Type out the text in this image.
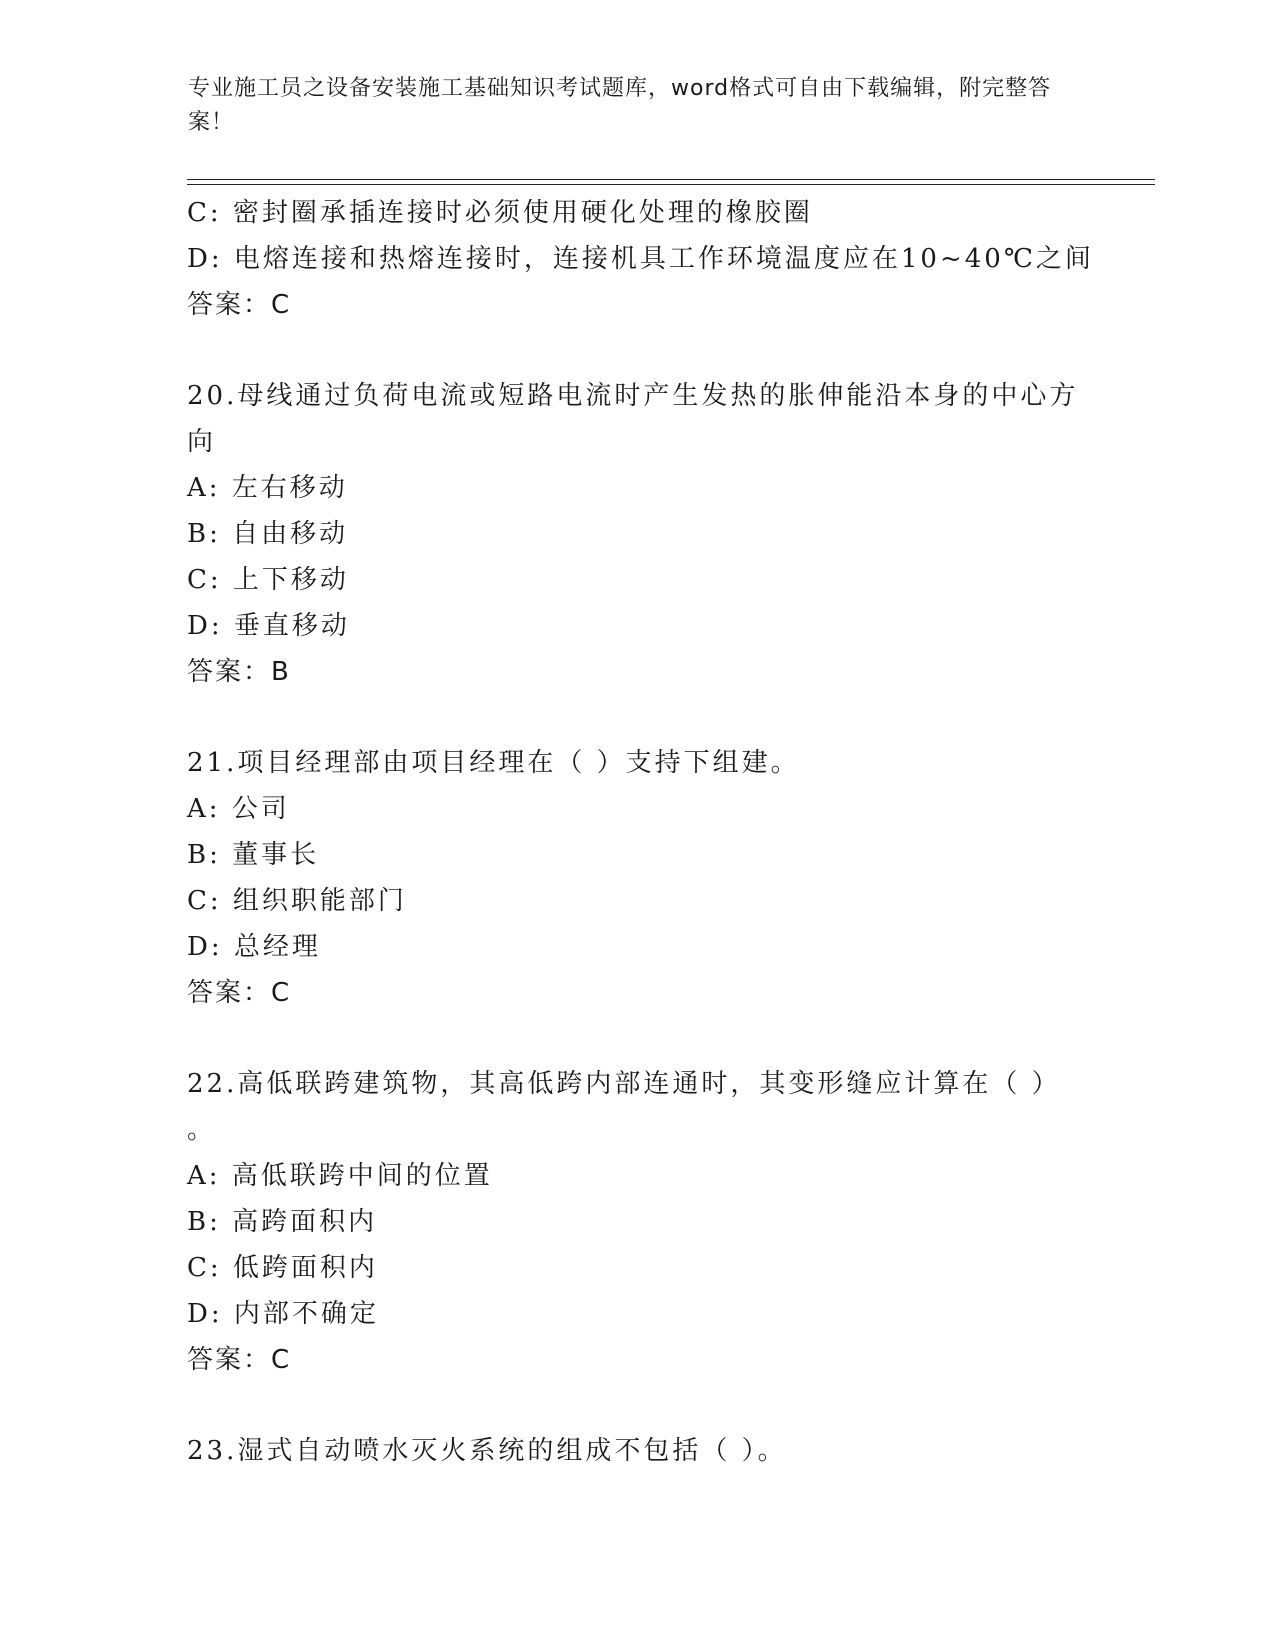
专业施工员之设备安装施工基础知识考试题库，word格式可自由下载编辑，附完整答案！
C: 密封圈承插连接时必须使用硬化处理的橡胶圈
D: 电熔连接和热熔连接时，连接机具工作环境温度应在10~40℃之间
答案：C
20.母线通过负荷电流或短路电流时产生发热的胀伸能沿本身的中心方
向
A: 左右移动
B: 自由移动
C: 上下移动
D: 垂直移动
答案：B
21.项目经理部由项目经理在（ ）支持下组建。
A: 公司
B: 董事长
C: 组织职能部门
D: 总经理
答案：C
22.高低联跨建筑物，其高低跨内部连通时，其变形缝应计算在（ ）
。
A: 高低联跨中间的位置
B: 高跨面积内
C: 低跨面积内
D: 内部不确定
答案：C
23.湿式自动喷水灭火系统的组成不包括（ ）。
